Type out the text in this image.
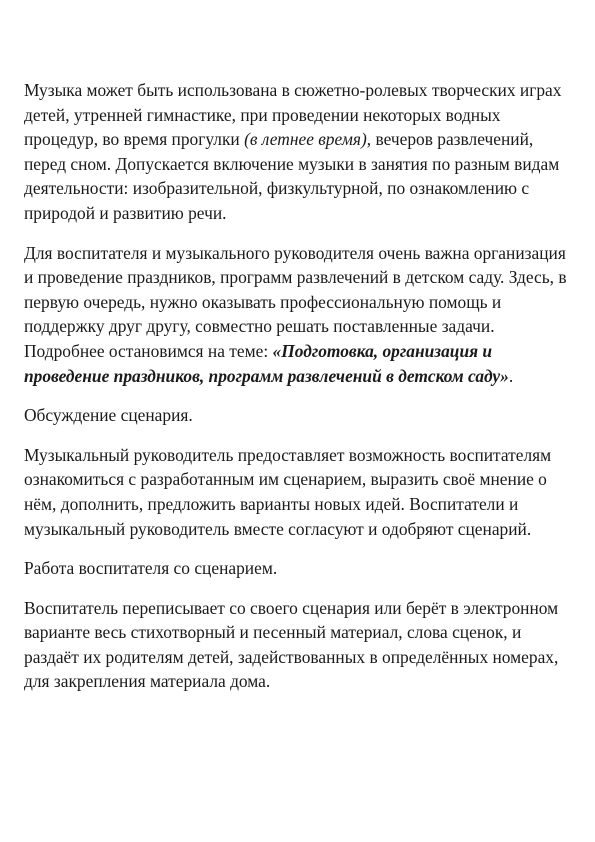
Музыка может быть использована в сюжетно-ролевых творческих играх детей, утренней гимнастике, при проведении некоторых водных процедур, во время прогулки (в летнее время), вечеров развлечений, перед сном. Допускается включение музыки в занятия по разным видам деятельности: изобразительной, физкультурной, по ознакомлению с природой и развитию речи.

Для воспитателя и музыкального руководителя очень важна организация и проведение праздников, программ развлечений в детском саду. Здесь, в первую очередь, нужно оказывать профессиональную помощь и поддержку друг другу, совместно решать поставленные задачи. Подробнее остановимся на теме: «Подготовка, организация и проведение праздников, программ развлечений в детском саду».

Обсуждение сценария.

Музыкальный руководитель предоставляет возможность воспитателям ознакомиться с разработанным им сценарием, выразить своё мнение о нём, дополнить, предложить варианты новых идей. Воспитатели и музыкальный руководитель вместе согласуют и одобряют сценарий.

Работа воспитателя со сценарием.

Воспитатель переписывает со своего сценария или берёт в электронном варианте весь стихотворный и песенный материал, слова сценок, и раздаёт их родителям детей, задействованных в определённых номерах, для закрепления материала дома.
